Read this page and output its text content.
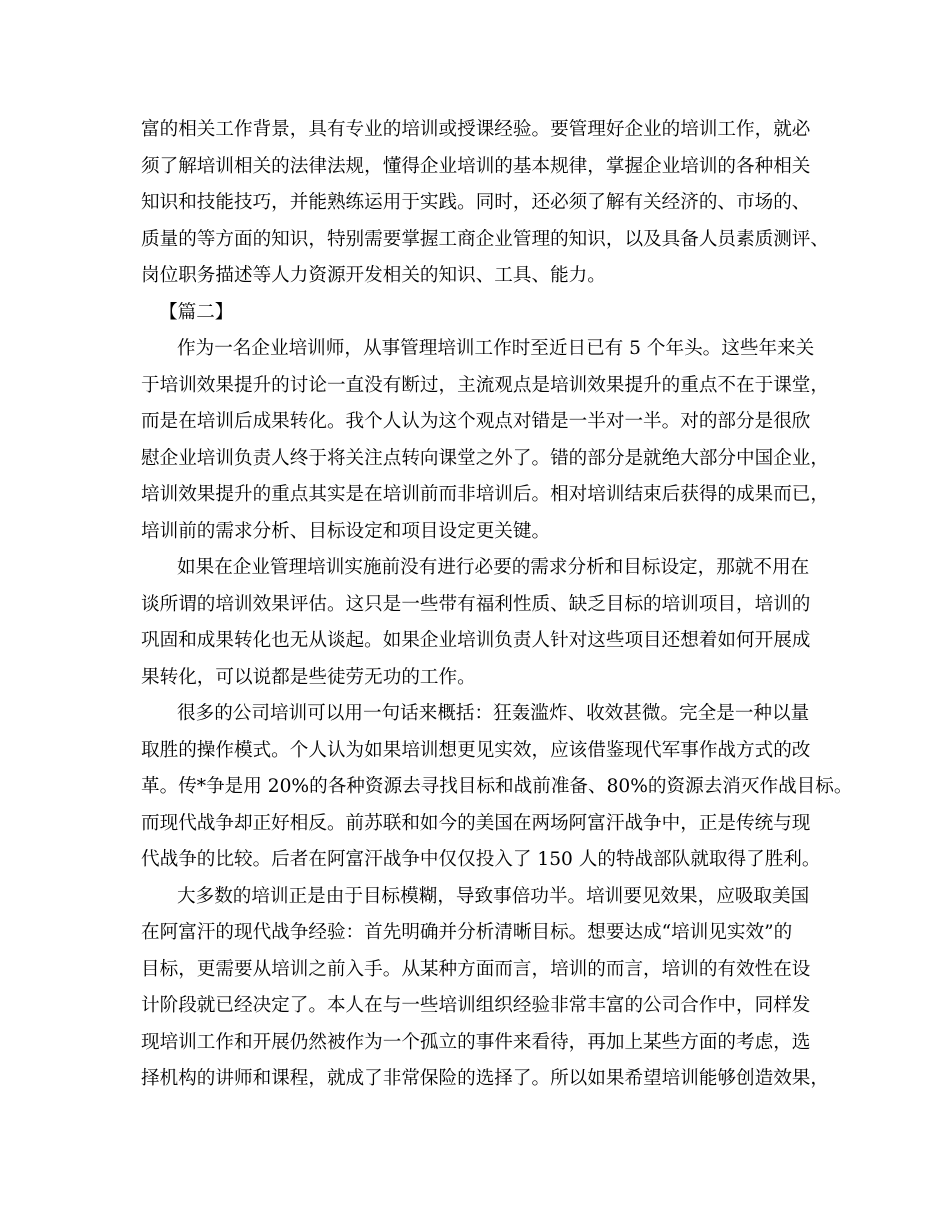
富的相关工作背景，具有专业的培训或授课经验。要管理好企业的培训工作，就必
须了解培训相关的法律法规，懂得企业培训的基本规律，掌握企业培训的各种相关
知识和技能技巧，并能熟练运用于实践。同时，还必须了解有关经济的、市场的、
质量的等方面的知识，特别需要掌握工商企业管理的知识，以及具备人员素质测评、
岗位职务描述等人力资源开发相关的知识、工具、能力。
【篇二】
作为一名企业培训师，从事管理培训工作时至近日已有 5 个年头。这些年来关
于培训效果提升的讨论一直没有断过，主流观点是培训效果提升的重点不在于课堂，
而是在培训后成果转化。我个人认为这个观点对错是一半对一半。对的部分是很欣
慰企业培训负责人终于将关注点转向课堂之外了。错的部分是就绝大部分中国企业，
培训效果提升的重点其实是在培训前而非培训后。相对培训结束后获得的成果而已，
培训前的需求分析、目标设定和项目设定更关键。
如果在企业管理培训实施前没有进行必要的需求分析和目标设定，那就不用在
谈所谓的培训效果评估。这只是一些带有福利性质、缺乏目标的培训项目，培训的
巩固和成果转化也无从谈起。如果企业培训负责人针对这些项目还想着如何开展成
果转化，可以说都是些徒劳无功的工作。
很多的公司培训可以用一句话来概括：狂轰滥炸、收效甚微。完全是一种以量
取胜的操作模式。个人认为如果培训想更见实效，应该借鉴现代军事作战方式的改
革。传*争是用 20%的各种资源去寻找目标和战前准备、80%的资源去消灭作战目标。
而现代战争却正好相反。前苏联和如今的美国在两场阿富汗战争中，正是传统与现
代战争的比较。后者在阿富汗战争中仅仅投入了 150 人的特战部队就取得了胜利。
大多数的培训正是由于目标模糊，导致事倍功半。培训要见效果，应吸取美国
在阿富汗的现代战争经验：首先明确并分析清晰目标。想要达成“培训见实效”的
目标，更需要从培训之前入手。从某种方面而言，培训的而言，培训的有效性在设
计阶段就已经决定了。本人在与一些培训组织经验非常丰富的公司合作中，同样发
现培训工作和开展仍然被作为一个孤立的事件来看待，再加上某些方面的考虑，选
择机构的讲师和课程，就成了非常保险的选择了。所以如果希望培训能够创造效果，
